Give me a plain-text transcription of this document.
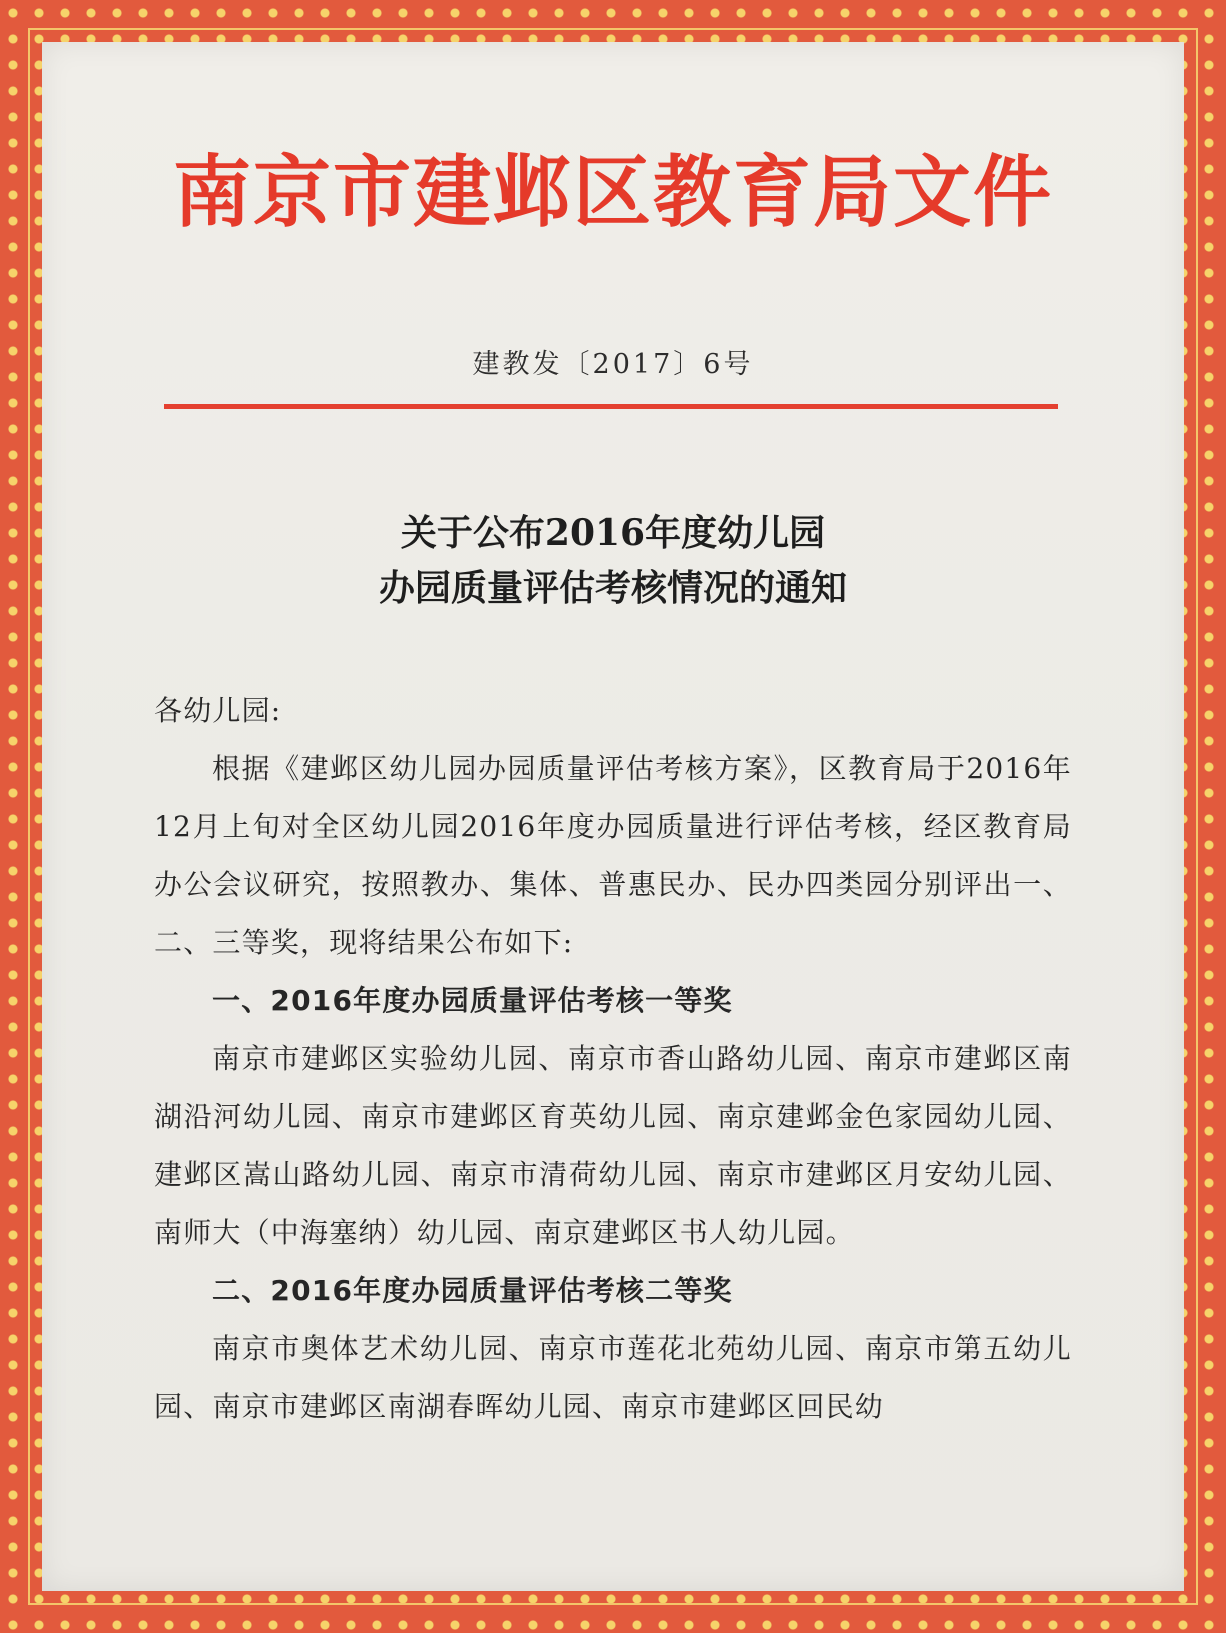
南京市建邺区教育局文件
建教发〔2017〕6号
关于公布2016年度幼儿园
办园质量评估考核情况的通知

各幼儿园:

根据《建邺区幼儿园办园质量评估考核方案》，区教育局于2016年12月上旬对全区幼儿园2016年度办园质量进行评估考核，经区教育局办公会议研究，按照教办、集体、普惠民办、民办四类园分别评出一、二、三等奖，现将结果公布如下:

一、2016年度办园质量评估考核一等奖

南京市建邺区实验幼儿园、南京市香山路幼儿园、南京市建邺区南湖沿河幼儿园、南京市建邺区育英幼儿园、南京建邺金色家园幼儿园、建邺区嵩山路幼儿园、南京市清荷幼儿园、南京市建邺区月安幼儿园、南师大（中海塞纳）幼儿园、南京建邺区书人幼儿园。

二、2016年度办园质量评估考核二等奖

南京市奥体艺术幼儿园、南京市莲花北苑幼儿园、南京市第五幼儿园、南京市建邺区南湖春晖幼儿园、南京市建邺区回民幼
